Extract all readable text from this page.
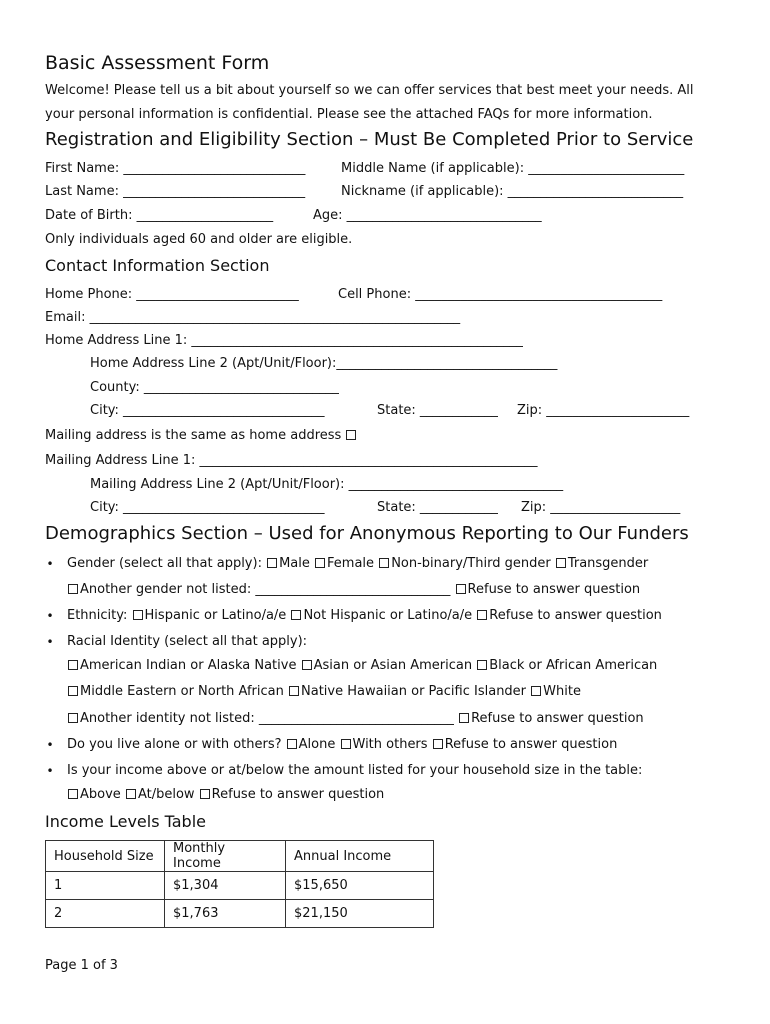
Basic Assessment Form
Welcome! Please tell us a bit about yourself so we can offer services that best meet your needs. All
your personal information is confidential. Please see the attached FAQs for more information.
Registration and Eligibility Section – Must Be Completed Prior to Service
First Name: ____________________________	Middle Name (if applicable): ________________________
Last Name: ____________________________	Nickname (if applicable): ___________________________
Date of Birth: _____________________	Age: ______________________________
Only individuals aged 60 and older are eligible.
Contact Information Section
Home Phone: _________________________	Cell Phone: ______________________________________
Email: _________________________________________________________
Home Address Line 1: ___________________________________________________
Home Address Line 2 (Apt/Unit/Floor):__________________________________
County: ______________________________
City: _______________________________	State: ____________ Zip: ______________________
Mailing address is the same as home address
Mailing Address Line 1: ____________________________________________________
Mailing Address Line 2 (Apt/Unit/Floor): _________________________________
City: _______________________________	State: ____________ Zip: ____________________
Demographics Section – Used for Anonymous Reporting to Our Funders
• Gender (select all that apply): Male Female Non-binary/Third gender Transgender
Another gender not listed: ______________________________ Refuse to answer question
• Ethnicity: Hispanic or Latino/a/e Not Hispanic or Latino/a/e Refuse to answer question
• Racial Identity (select all that apply):
American Indian or Alaska Native Asian or Asian American Black or African American
Middle Eastern or North African Native Hawaiian or Pacific Islander White
Another identity not listed: ______________________________ Refuse to answer question
• Do you live alone or with others? Alone With others Refuse to answer question
• Is your income above or at/below the amount listed for your household size in the table:
Above At/below Refuse to answer question
Income Levels Table
Household Size	Monthly Income	Annual Income
1	$1,304	$15,650
2	$1,763	$21,150
Page 1 of 3
